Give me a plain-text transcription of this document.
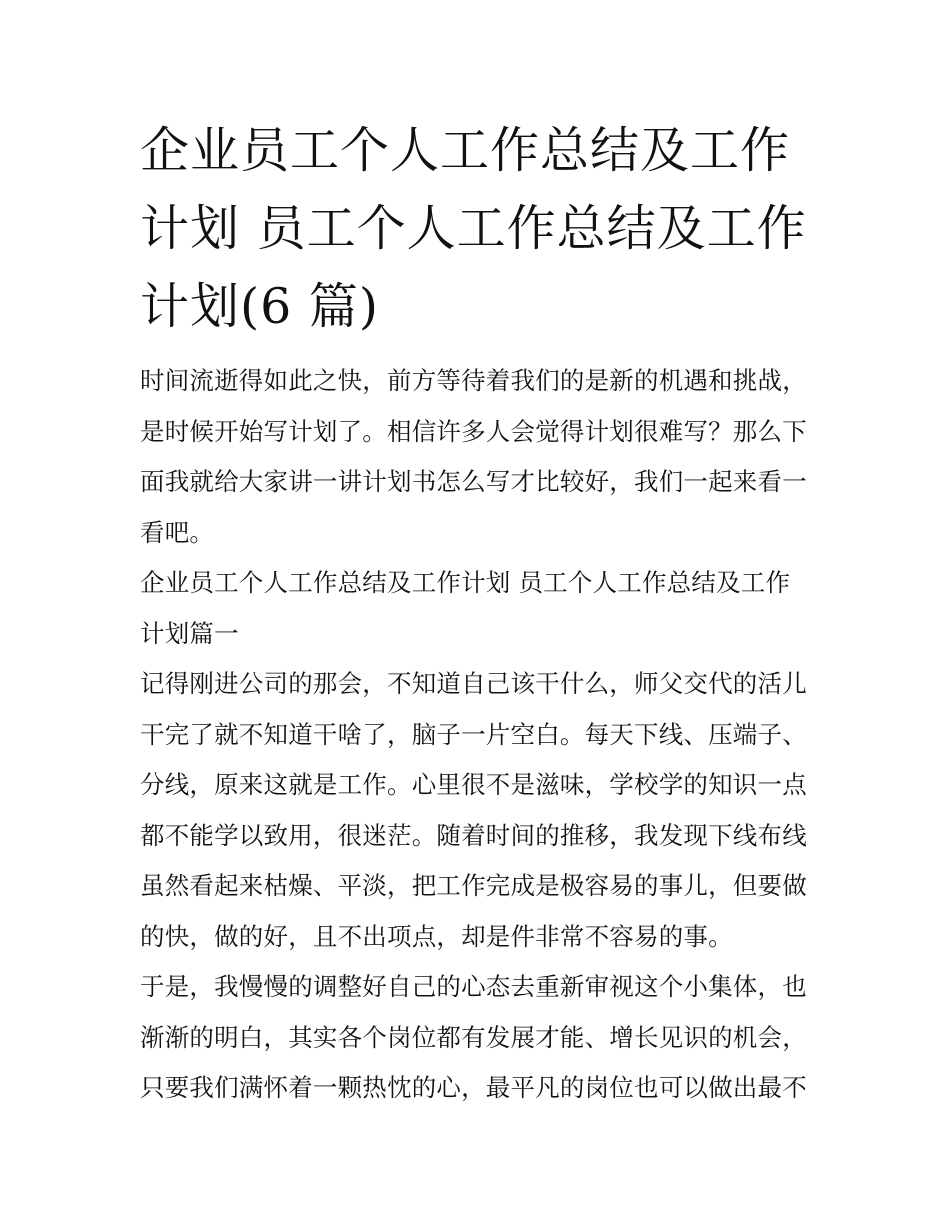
企业员工个人工作总结及工作
计划 员工个人工作总结及工作
计划(6 篇)

时间流逝得如此之快，前方等待着我们的是新的机遇和挑战，
是时候开始写计划了。相信许多人会觉得计划很难写？那么下
面我就给大家讲一讲计划书怎么写才比较好，我们一起来看一
看吧。

企业员工个人工作总结及工作计划 员工个人工作总结及工作
计划篇一

记得刚进公司的那会，不知道自己该干什么，师父交代的活儿
干完了就不知道干啥了，脑子一片空白。每天下线、压端子、
分线，原来这就是工作。心里很不是滋味，学校学的知识一点
都不能学以致用，很迷茫。随着时间的推移，我发现下线布线
虽然看起来枯燥、平淡，把工作完成是极容易的事儿，但要做
的快，做的好，且不出项点，却是件非常不容易的事。

于是，我慢慢的调整好自己的心态去重新审视这个小集体，也
渐渐的明白，其实各个岗位都有发展才能、增长见识的机会，
只要我们满怀着一颗热忱的心，最平凡的岗位也可以做出最不
